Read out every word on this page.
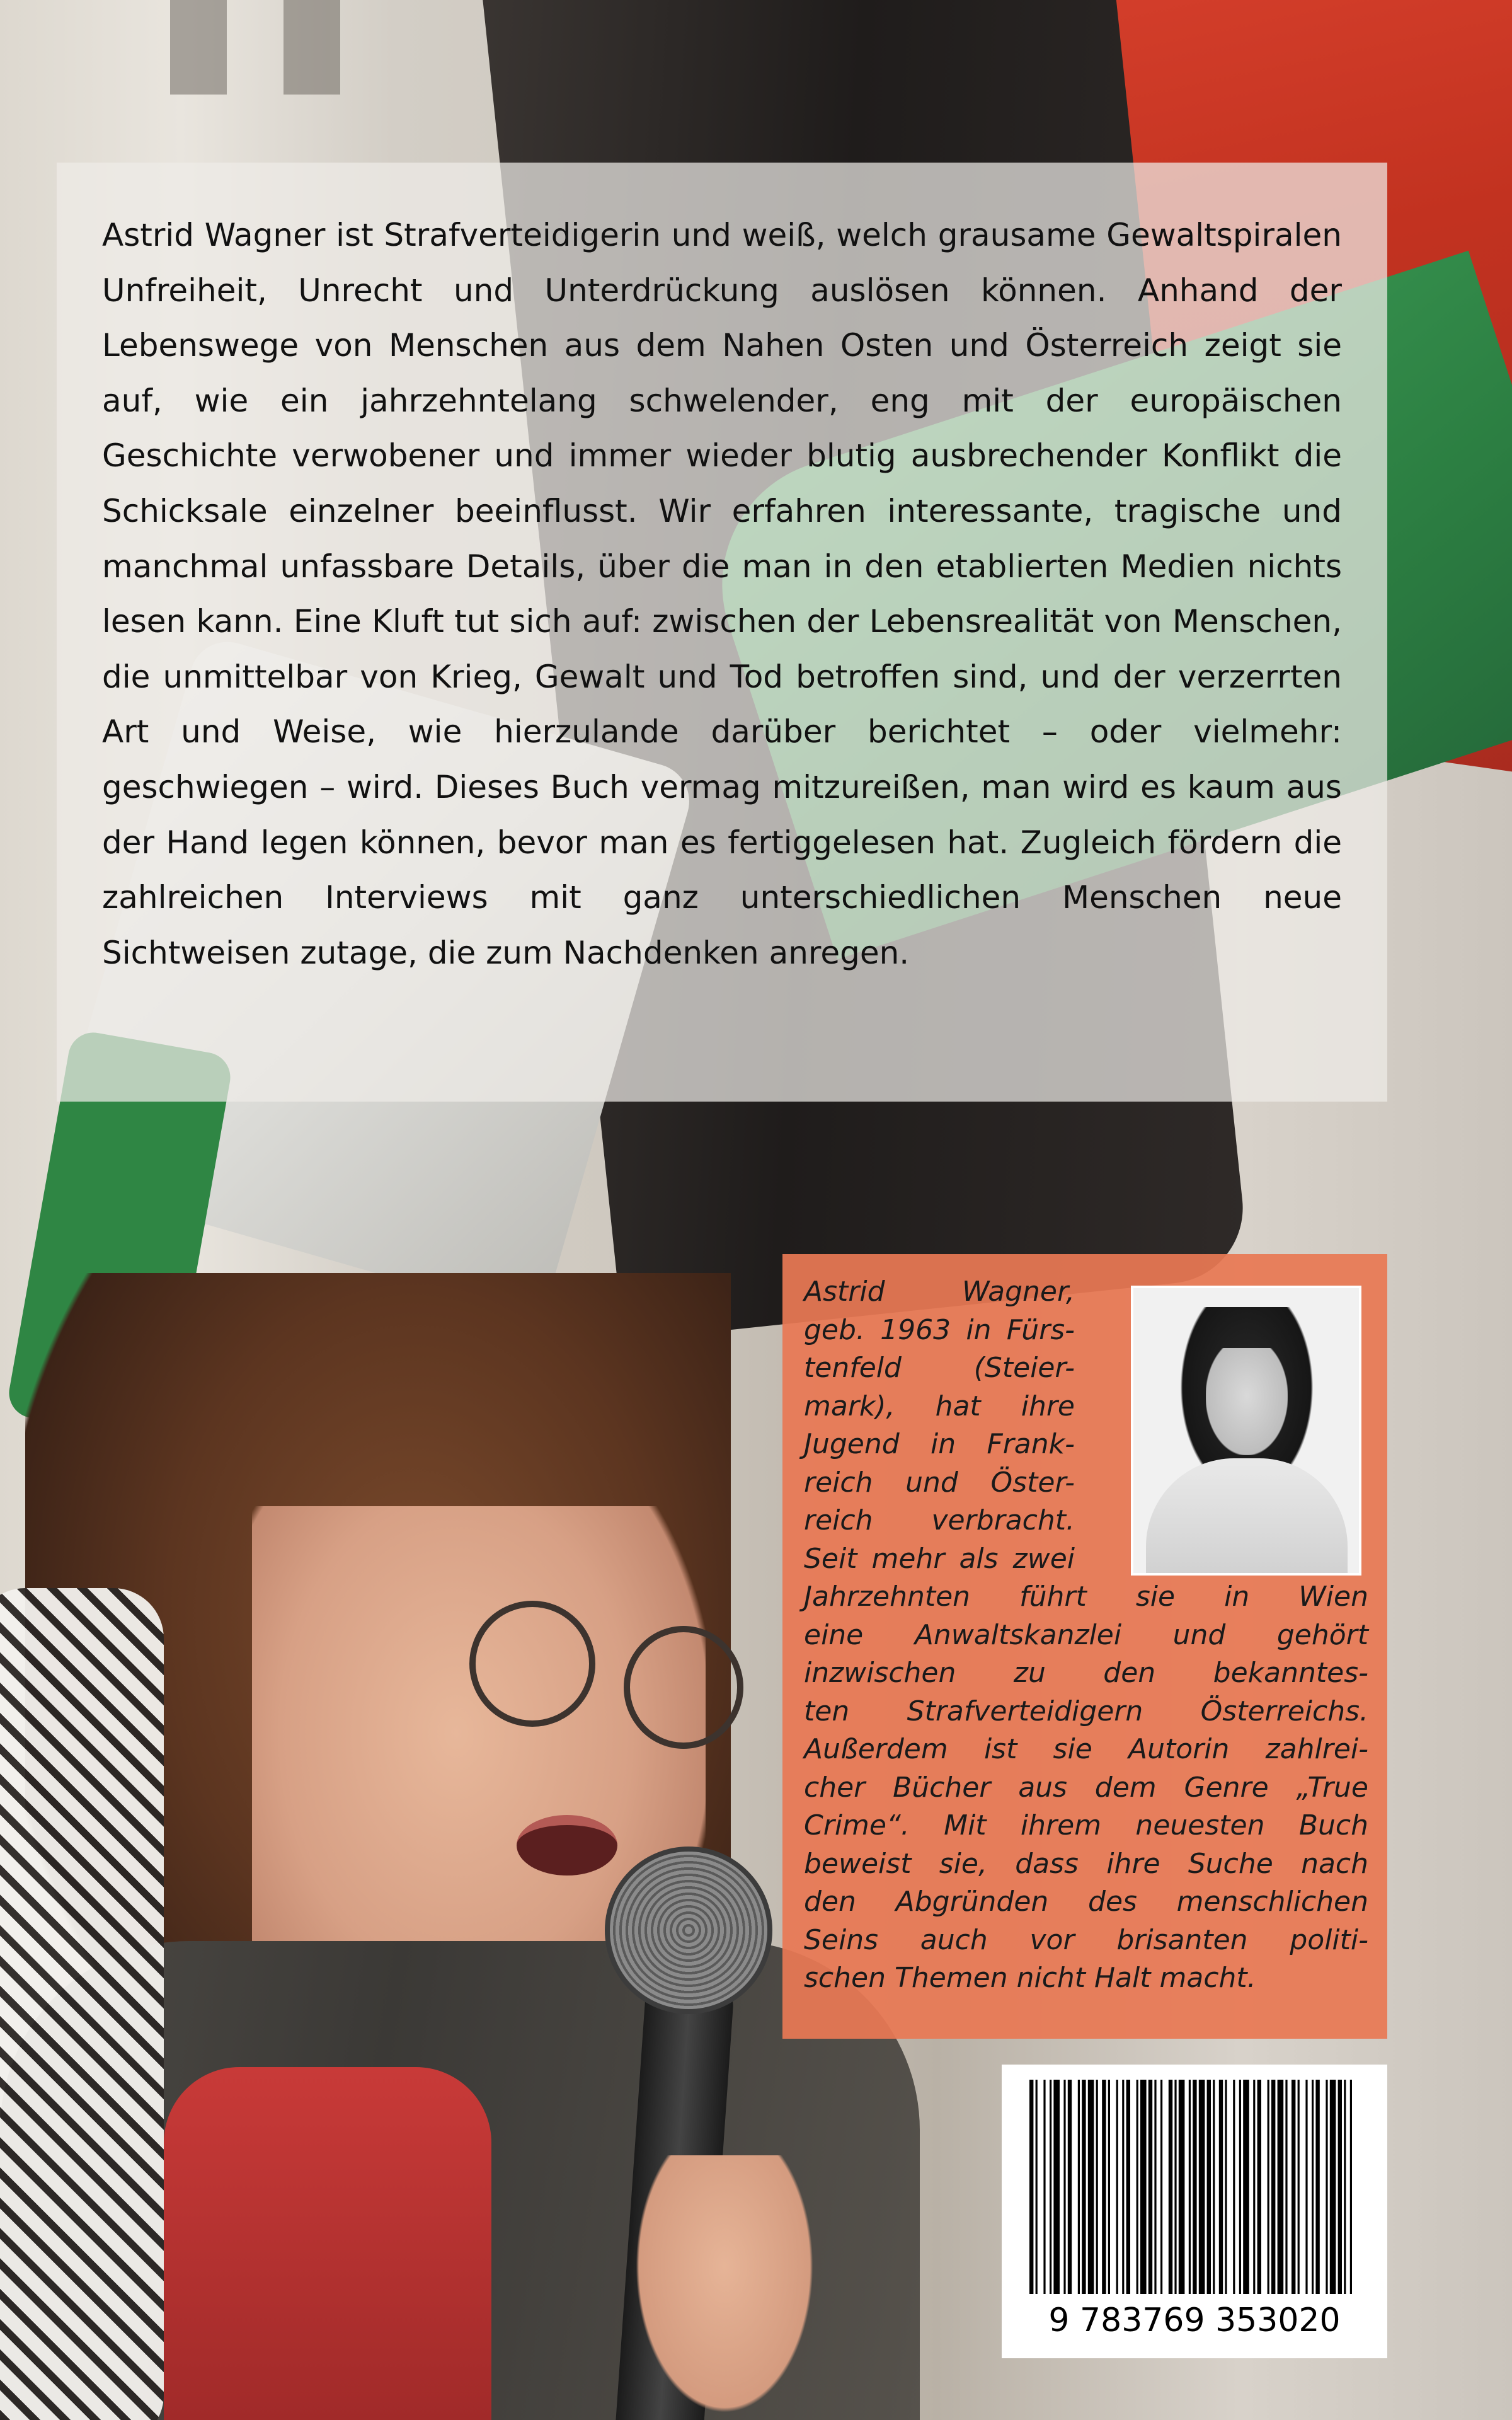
Astrid Wagner ist Strafverteidigerin und weiß, welch grausame Gewaltspiralen Unfreiheit, Unrecht und Unterdrückung auslösen können. Anhand der Lebenswege von Menschen aus dem Nahen Osten und Österreich zeigt sie auf, wie ein jahrzehntelang schwelender, eng mit der europäischen Geschichte verwobener und immer wieder blutig ausbrechender Konflikt die Schicksale einzelner beeinflusst. Wir erfahren interessante, tragische und manchmal unfassbare Details, über die man in den etablierten Medien nichts lesen kann. Eine Kluft tut sich auf: zwischen der Lebensrealität von Menschen, die unmittelbar von Krieg, Gewalt und Tod betroffen sind, und der verzerrten Art und Weise, wie hierzulande darüber berichtet – oder vielmehr: geschwiegen – wird. Dieses Buch vermag mitzureißen, man wird es kaum aus der Hand legen können, bevor man es fertiggelesen hat. Zugleich fördern die zahlreichen Interviews mit ganz unterschiedlichen Menschen neue Sichtweisen zutage, die zum Nachdenken anregen.

Astrid Wagner,
geb. 1963 in Fürs-
tenfeld (Steier-
mark), hat ihre
Jugend in Frank-
reich und Öster-
reich verbracht.
Seit mehr als zwei
Jahrzehnten führt sie in Wien
eine Anwaltskanzlei und gehört
inzwischen zu den bekanntes-
ten Strafverteidigern Österreichs.
Außerdem ist sie Autorin zahlrei-
cher Bücher aus dem Genre „True
Crime“. Mit ihrem neuesten Buch
beweist sie, dass ihre Suche nach
den Abgründen des menschlichen
Seins auch vor brisanten politi-
schen Themen nicht Halt macht.
9 783769 353020
